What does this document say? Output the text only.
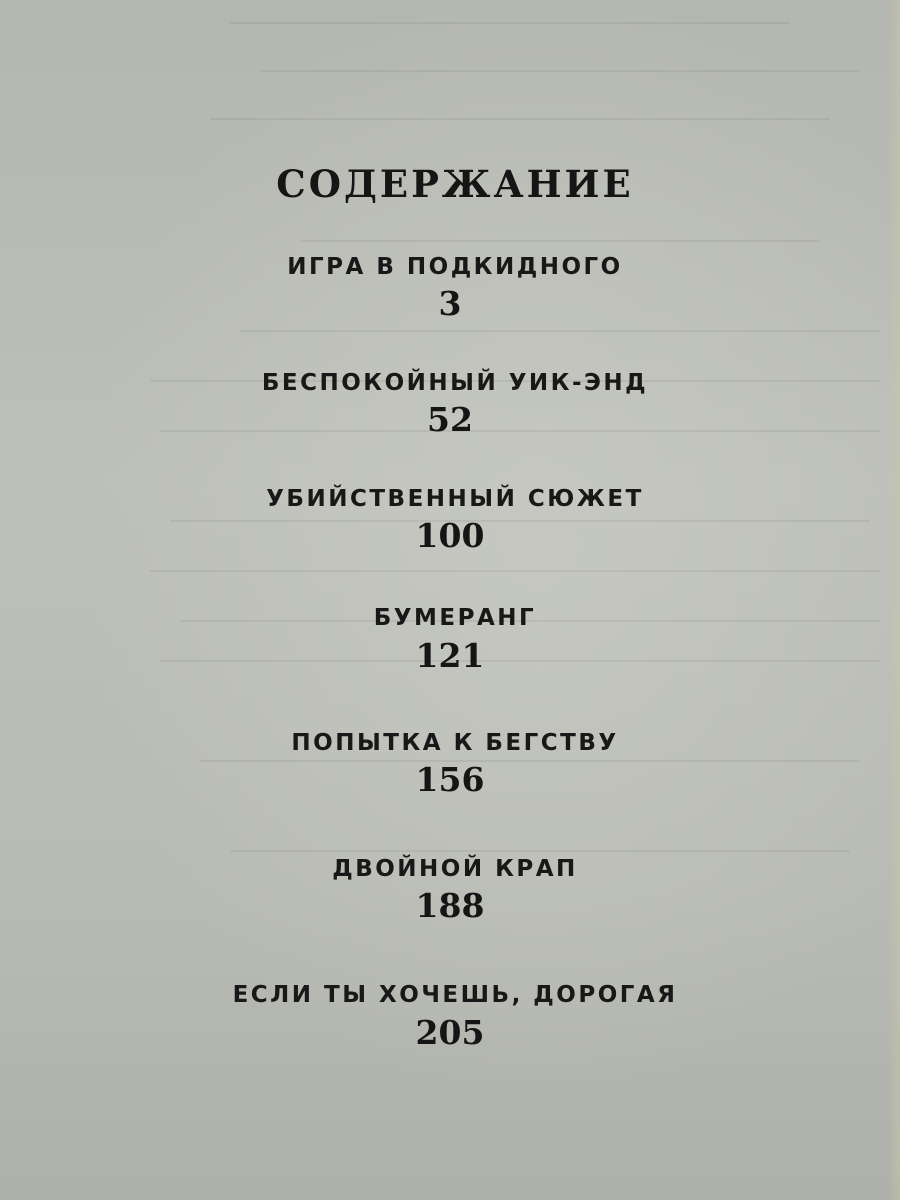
СОДЕРЖАНИЕ
ИГРА В ПОДКИДНОГО
3
БЕСПОКОЙНЫЙ УИК-ЭНД
52
УБИЙСТВЕННЫЙ СЮЖЕТ
100
БУМЕРАНГ
121
ПОПЫТКА К БЕГСТВУ
156
ДВОЙНОЙ КРАП
188
ЕСЛИ ТЫ ХОЧЕШЬ, ДОРОГАЯ
205
